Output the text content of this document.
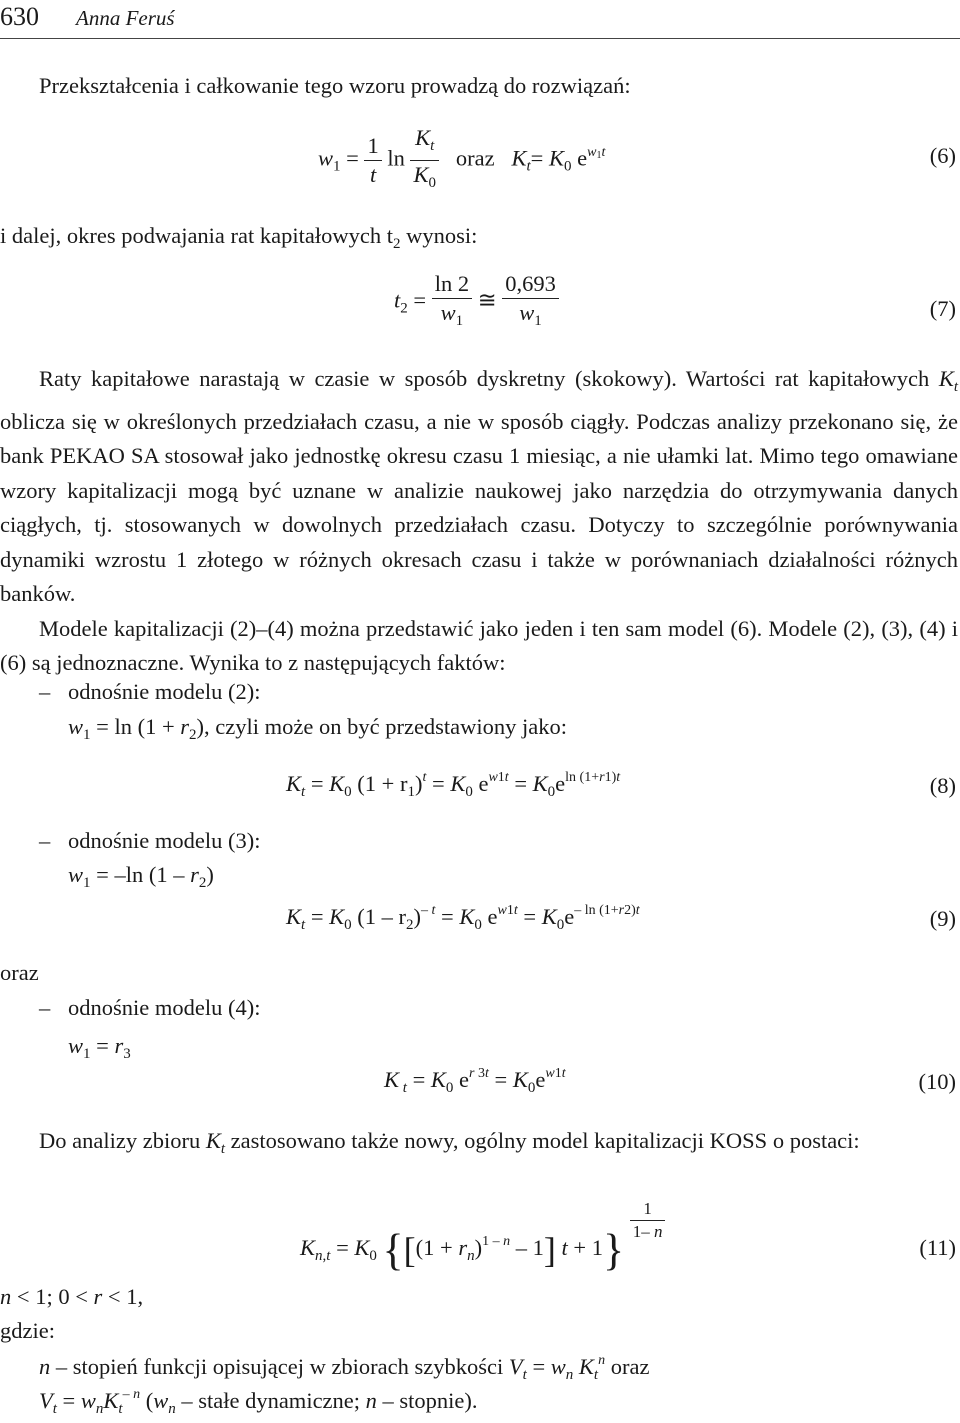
630 Anna Feruś
Przekształcenia i całkowanie tego wzoru prowadzą do rozwiązań:
$w_1 = \frac{1}{t}$ $\ln \frac{K_t}{K_0}$ oraz $K_t= K_0$ $e^{w_1t}$	(6)
i dalej, okres podwajania rat kapitałowych $t_2$ wynosi:
$t_2 = \frac{\ln 2}{w_1}$ ≅ $\frac{0,693}{w_1}$	(7)

Raty kapitałowe narastają w czasie w sposób dyskretny (skokowy). Wartości rat kapitałowych $K_t$ oblicza się w określonych przedziałach czasu, a nie w sposób ciągły. Podczas analizy przekonano się, że bank PEKAO SA stosował jako jednostkę okresu czasu 1 miesiąc, a nie ułamki lat. Mimo tego omawiane wzory kapitalizacji mogą być uznane w analizie naukowej jako narzędzia do otrzymywania danych ciągłych, tj. stosowanych w dowolnych przedziałach czasu. Dotyczy to szczególnie porównywania dynamiki wzrostu 1 złotego w różnych okresach czasu i także w porównaniach działalności różnych banków.

Modele kapitalizacji (2)‒(4) można przedstawić jako jeden i ten sam model (6). Modele (2), (3), (4) i (6) są jednoznaczne. Wynika to z następujących faktów:

– odnośnie modelu (2):
$w_1 = \ln (1 + r_2)$, czyli może on być przedstawiony jako:
$K_t = K_0$ $(1 + r_1)^t = K_0$ $e^{w1t} = K_0e^{ln (1+r1)t}$	(8)
– odnośnie modelu (3):
$w_1 = -\ln$ $(1 - r_2)$
$K_t = K_0$ $(1 - r_2)^{- t} = K_0$ $e^{w1t} = K_0e^{- ln (1+r2)t}$	(9)
oraz
– odnośnie modelu (4):
$w_1 = r_3$
K $_t = K_0$ $e^{r 3t} = K_0e^{w1t}$	(10)

Do analizy zbioru $K_t$ zastosowano także nowy, ogólny model kapitalizacji KOSS o postaci:

$K_{n,t} = K_0$ {$[(1 + r_n)^{1 - n} - 1]$ t + 1}
$\frac{1}{1- n}$
(11)
n < 1; 0 < r < 1,
gdzie:
n – stopień funkcji opisującej w zbiorach szybkości $V_t = w_n$ $K_t^n$ oraz
$V_t = w_nK_t^{- n}$ ($w_n$ – stałe dynamiczne; n – stopnie).
